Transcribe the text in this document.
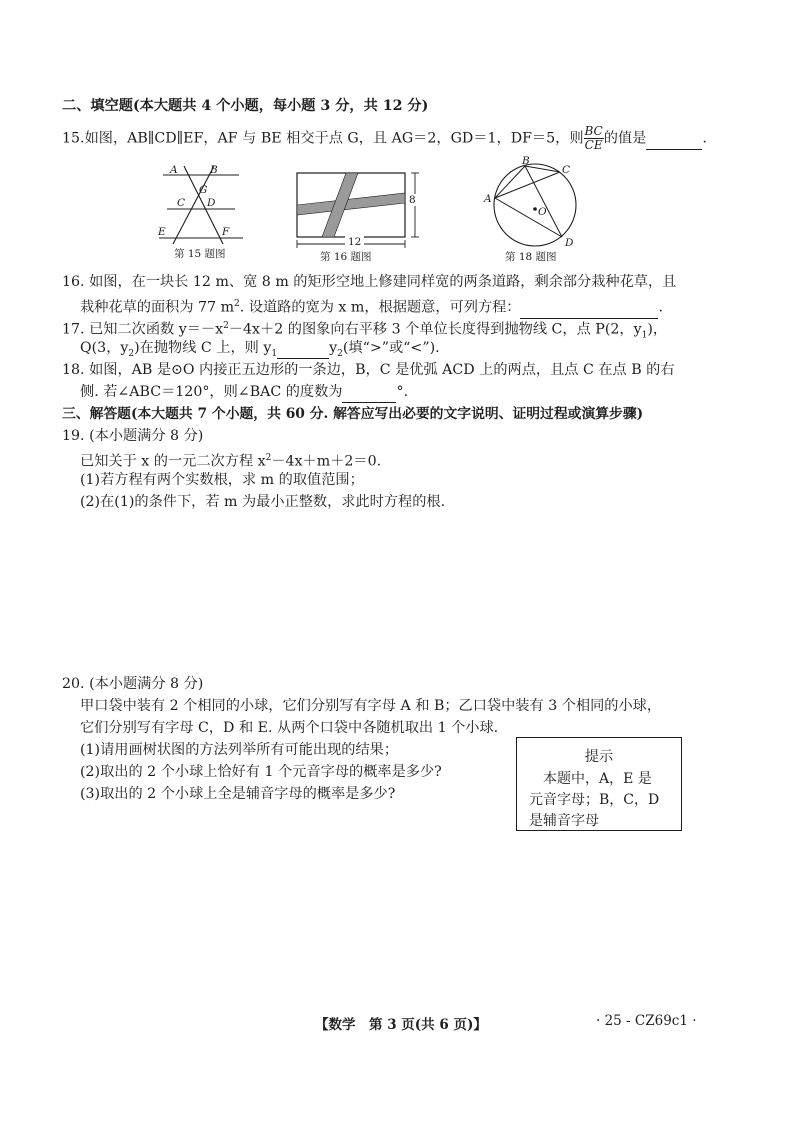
二、填空题(本大题共 4 个小题，每小题 3 分，共 12 分)
15.如图，AB∥CD∥EF，AF 与 BE 相交于点 G，且 AG＝2，GD＝1，DF＝5，则 $\frac{BC}{CE}$ 的值是	.
A	B
G
C D
E	F
第 15 题图
8
12
第 16 题图
B
C
A
O
D
第 18 题图
16. 如图，在一块长 12 m、宽 8 m 的矩形空地上修建同样宽的两条道路，剩余部分栽种花草，且
栽种花草的面积为 77 $m^2$. 设道路的宽为 x m，根据题意，可列方程：	.
17. 已知二次函数 $y=-x^2-4x+2$ 的图象向右平移 3 个单位长度得到抛物线 C，点 P(2，$y_1$)，
Q(3，$y_2$)在抛物线 C 上，则 $y_1$	$y_2$(填“>”或“<”).
18. 如图，AB 是⊙O 内接正五边形的一条边，B，C 是优弧 ACD 上的两点，且点 C 在点 B 的右
侧. 若∠ABC＝120°，则∠BAC 的度数为	°.
三、解答题(本大题共 7 个小题，共 60 分. 解答应写出必要的文字说明、证明过程或演算步骤)
19. (本小题满分 8 分)
已知关于 x 的一元二次方程 $x^2-4x+m+2=0$.
(1)若方程有两个实数根，求 m 的取值范围；
(2)在(1)的条件下，若 m 为最小正整数，求此时方程的根.
20. (本小题满分 8 分)
甲口袋中装有 2 个相同的小球，它们分别写有字母 A 和 B；乙口袋中装有 3 个相同的小球，
它们分别写有字母 C，D 和 E. 从两个口袋中各随机取出 1 个小球.
(1)请用画树状图的方法列举所有可能出现的结果；
(2)取出的 2 个小球上恰好有 1 个元音字母的概率是多少?
(3)取出的 2 个小球上全是辅音字母的概率是多少?
提示
本题中，A，E 是
元音字母；B，C，D
是辅音字母
【数学　第 3 页(共 6 页)】	· 25 - CZ69c1 ·
